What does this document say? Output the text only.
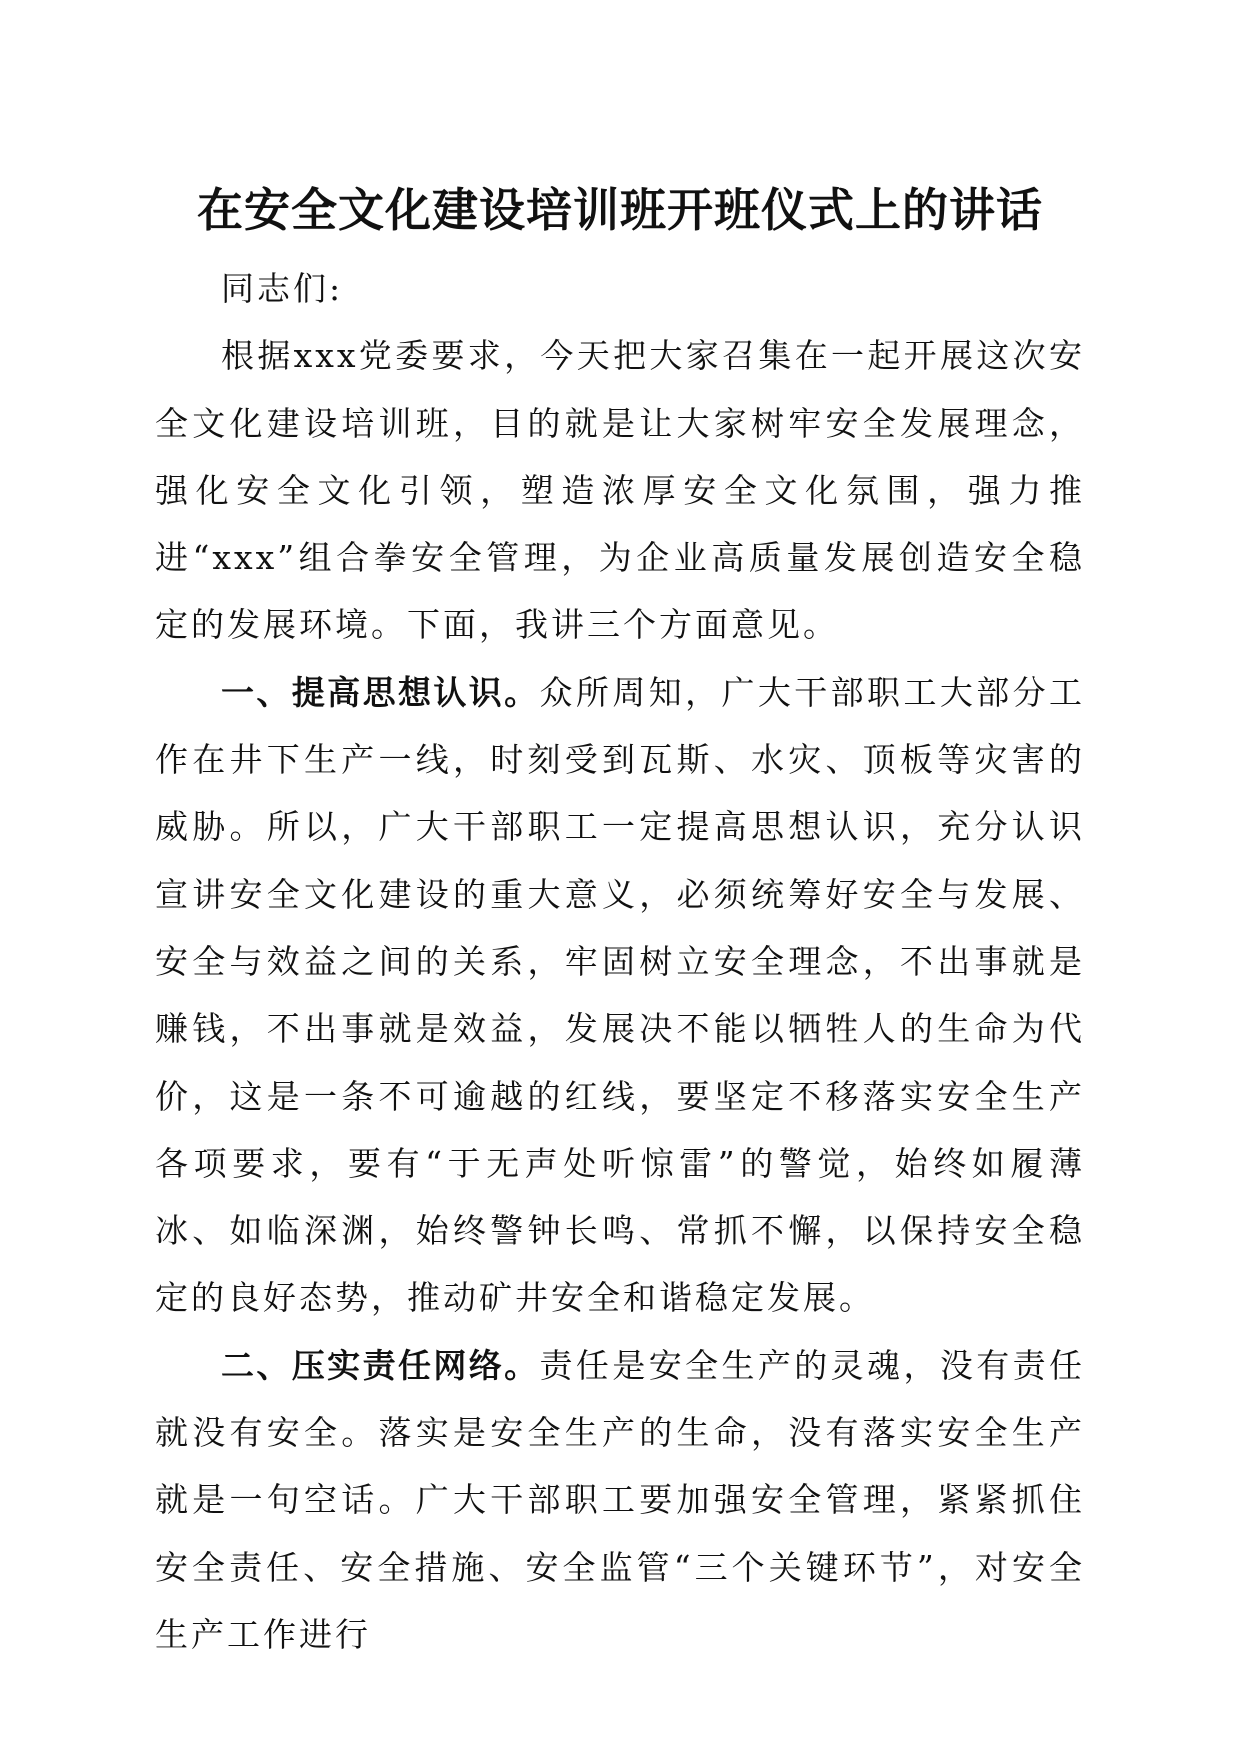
在安全文化建设培训班开班仪式上的讲话

同志们:

根据xxx党委要求，今天把大家召集在一起开展这次安全文化建设培训班，目的就是让大家树牢安全发展理念，强化安全文化引领，塑造浓厚安全文化氛围，强力推进“xxx”组合拳安全管理，为企业高质量发展创造安全稳定的发展环境。下面，我讲三个方面意见。

一、提高思想认识。众所周知，广大干部职工大部分工作在井下生产一线，时刻受到瓦斯、水灾、顶板等灾害的威胁。所以，广大干部职工一定提高思想认识，充分认识宣讲安全文化建设的重大意义，必须统筹好安全与发展、安全与效益之间的关系，牢固树立安全理念，不出事就是赚钱，不出事就是效益，发展决不能以牺牲人的生命为代价，这是一条不可逾越的红线，要坚定不移落实安全生产各项要求，要有“于无声处听惊雷”的警觉，始终如履薄冰、如临深渊，始终警钟长鸣、常抓不懈，以保持安全稳定的良好态势，推动矿井安全和谐稳定发展。

二、压实责任网络。责任是安全生产的灵魂，没有责任就没有安全。落实是安全生产的生命，没有落实安全生产就是一句空话。广大干部职工要加强安全管理，紧紧抓住安全责任、安全措施、安全监管“三个关键环节”，对安全生产工作进行
